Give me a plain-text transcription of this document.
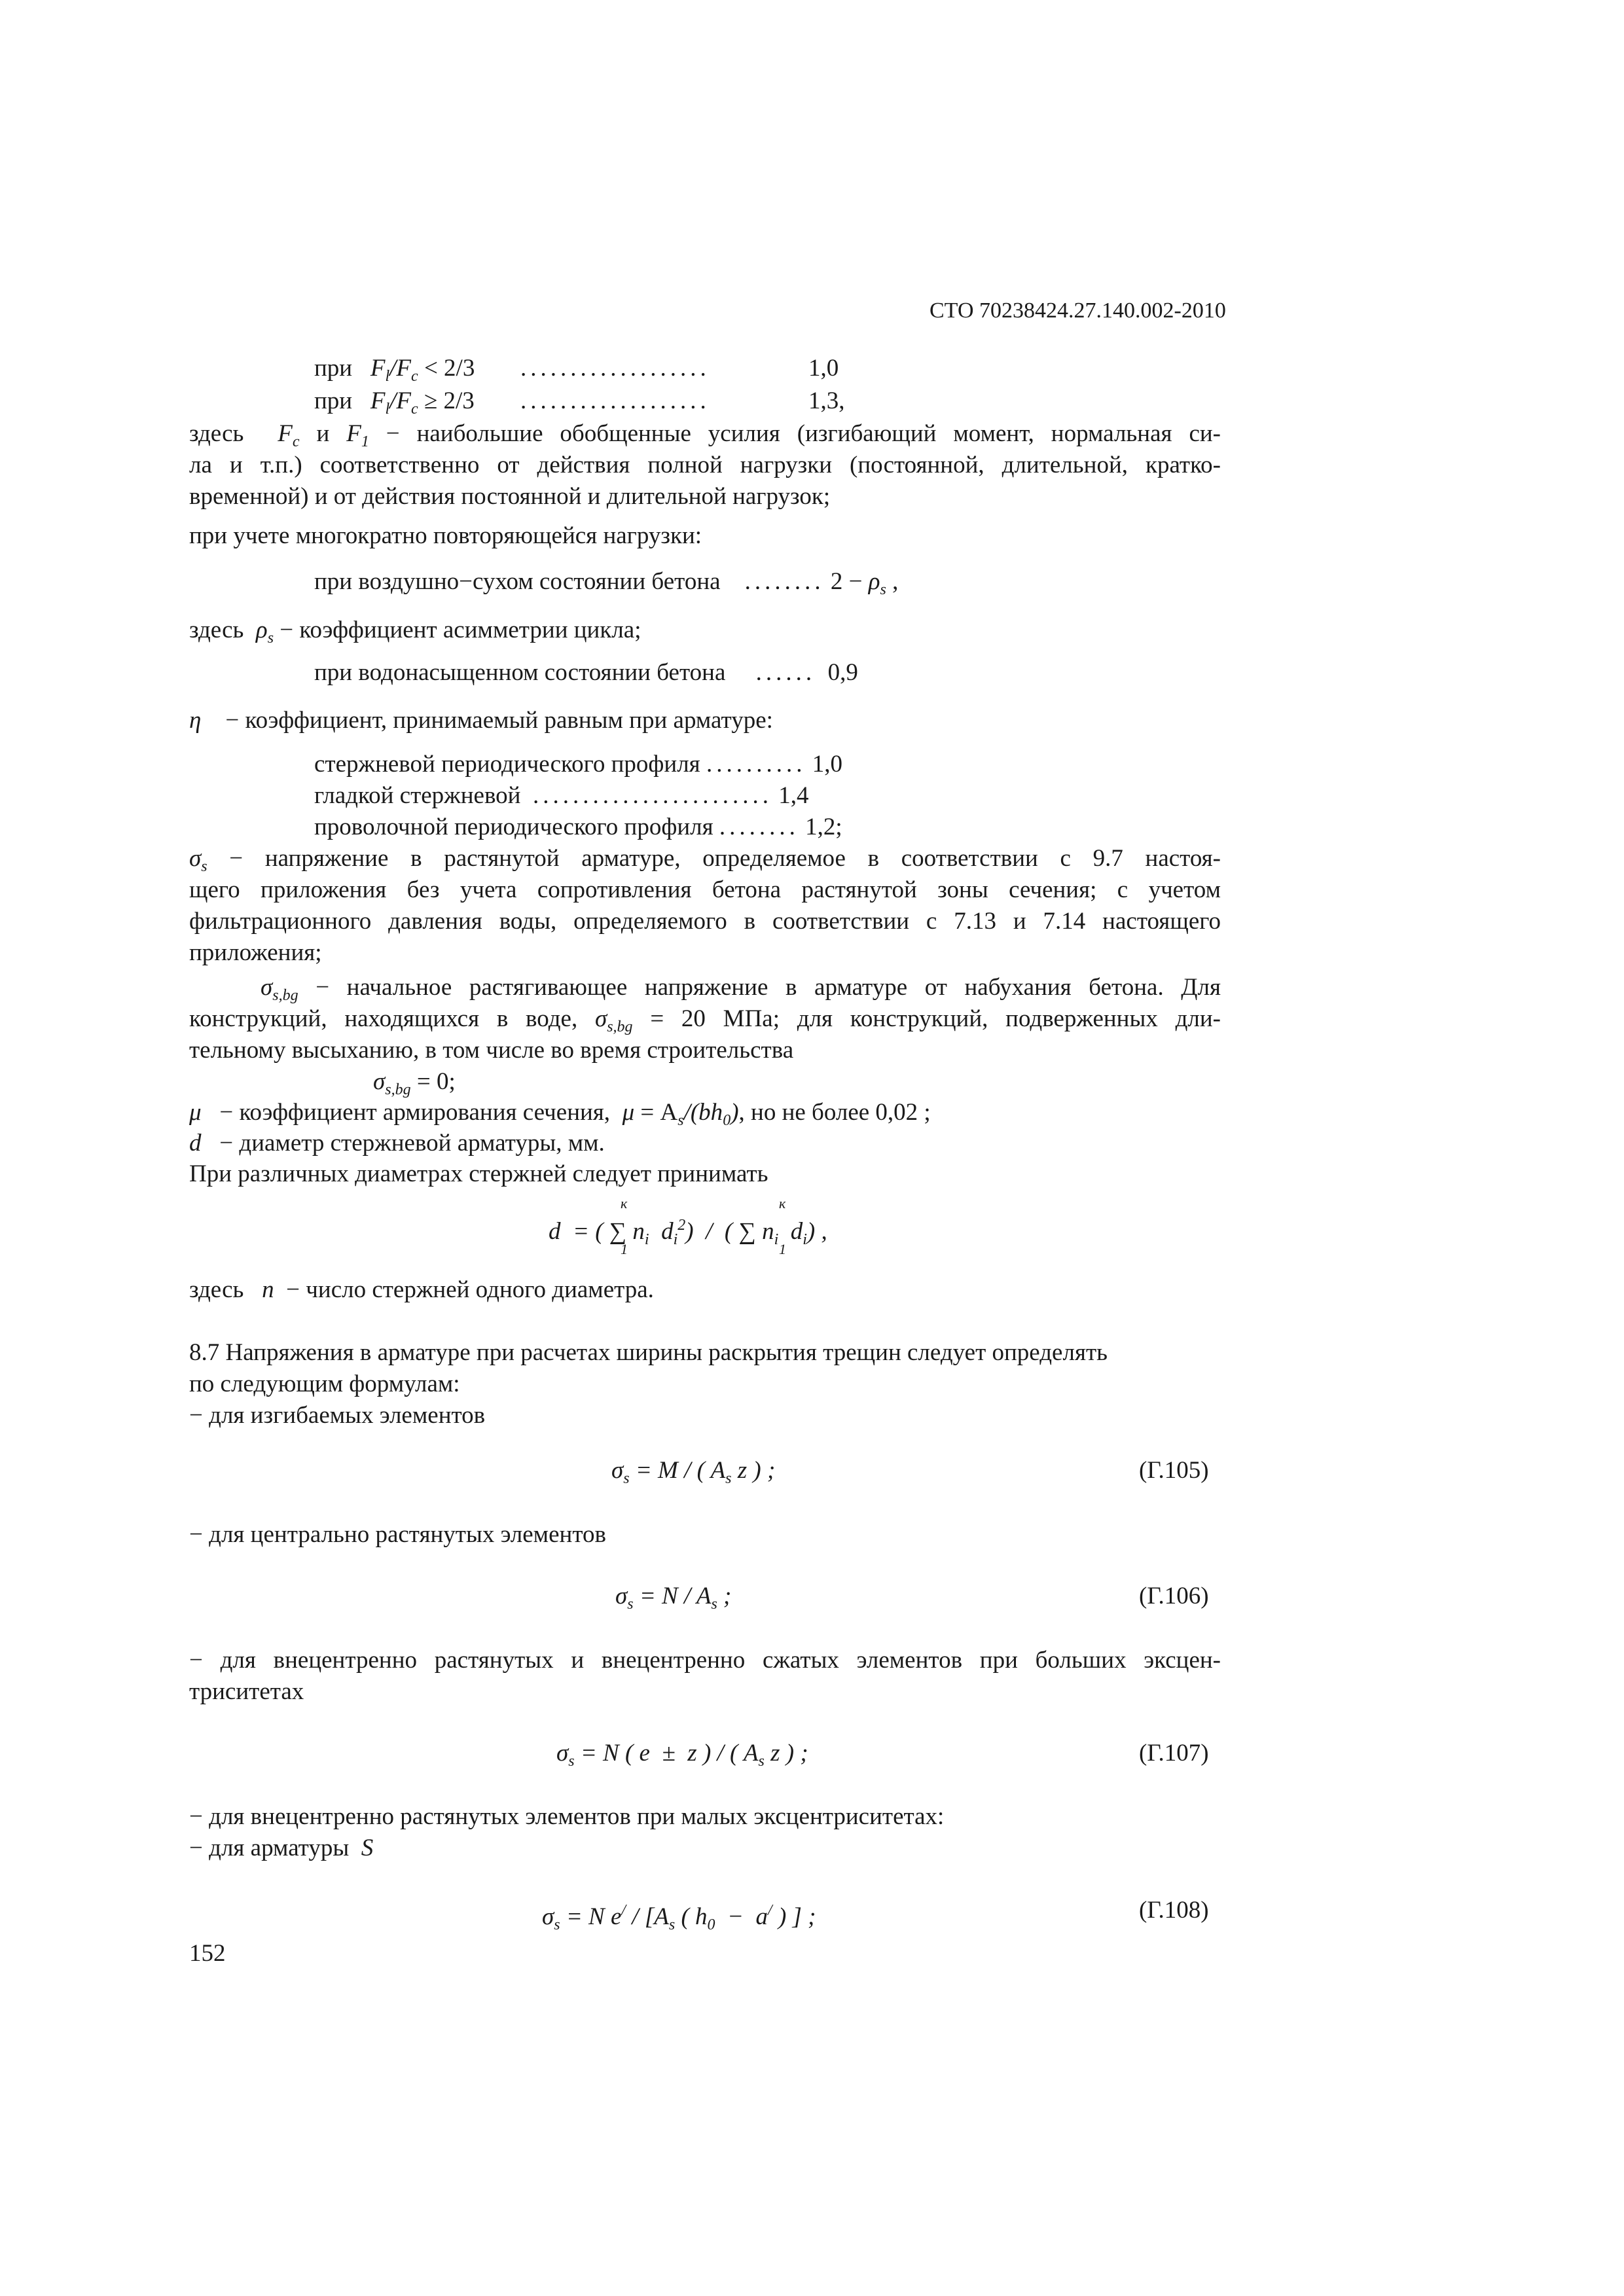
СТО 70238424.27.140.002-2010
при $F_l/F_c < 2/3$ ...................	1,0
при $F_l/F_c \ge 2/3$ ...................	1,3,
здесь $F_c$ и $F_1$ − наибольшие обобщенные усилия (изгибающий момент, нормальная си-
ла и т.п.) соответственно от действия полной нагрузки (постоянной, длительной, кратко-
временной) и от действия постоянной и длительной нагрузок;
при учете многократно повторяющейся нагрузки:
при воздушно−сухом состоянии бетона ........ $2 - \rho_s$ ,
здесь $\rho_s$ − коэффициент асимметрии цикла;
при водонасыщенном состоянии бетона ...... 0,9
η − коэффициент, принимаемый равным при арматуре:
стержневой периодического профиля .......... 1,0
гладкой стержневой ........................ 1,4
проволочной периодического профиля ........ 1,2;
$\sigma_s$ − напряжение в растянутой арматуре, определяемое в соответствии с 9.7 настоя-
щего приложения без учета сопротивления бетона растянутой зоны сечения; с учетом
фильтрационного давления воды, определяемого в соответствии с 7.13 и 7.14 настоящего
приложения;
$\sigma_{s,bg}$ − начальное растягивающее напряжение в арматуре от набухания бетона. Для
конструкций, находящихся в воде, $\sigma_{s,bg} = 20$ МПа; для конструкций, подверженных дли-
тельному высыханию, в том числе во время строительства
$\sigma_{s,bg} = 0$;
μ − коэффициент армирования сечения, $\mu = A_s/(bh_0)$, но не более 0,02 ;
d − диаметр стержневой арматуры, мм.
При различных диаметрах стержней следует принимать
d  = ( ∑ $n_i$  $d_i^2$)  /  ( ∑ $n_i$  $d_i$) ,
к
1
к
1
здесь n − число стержней одного диаметра.
8.7 Напряжения в арматуре при расчетах ширины раскрытия трещин следует определять
по следующим формулам:
− для изгибаемых элементов
$\sigma_s = M$ / ( $A_s$ z ) ;	(Г.105)
− для центрально растянутых элементов
$\sigma_s = N / A_s$ ;	(Г.106)
− для внецентренно растянутых и внецентренно сжатых элементов при больших эксцен-
триситетах
$\sigma_s = N$ ( e  ±  z ) / ( $A_s$ z ) ;	(Г.107)
− для внецентренно растянутых элементов при малых эксцентриситетах:
− для арматуры S
$\sigma_s = N$ $e^/ / [A_s$ ( $h_0 - a^/$ ) ] ;	(Г.108)
152
